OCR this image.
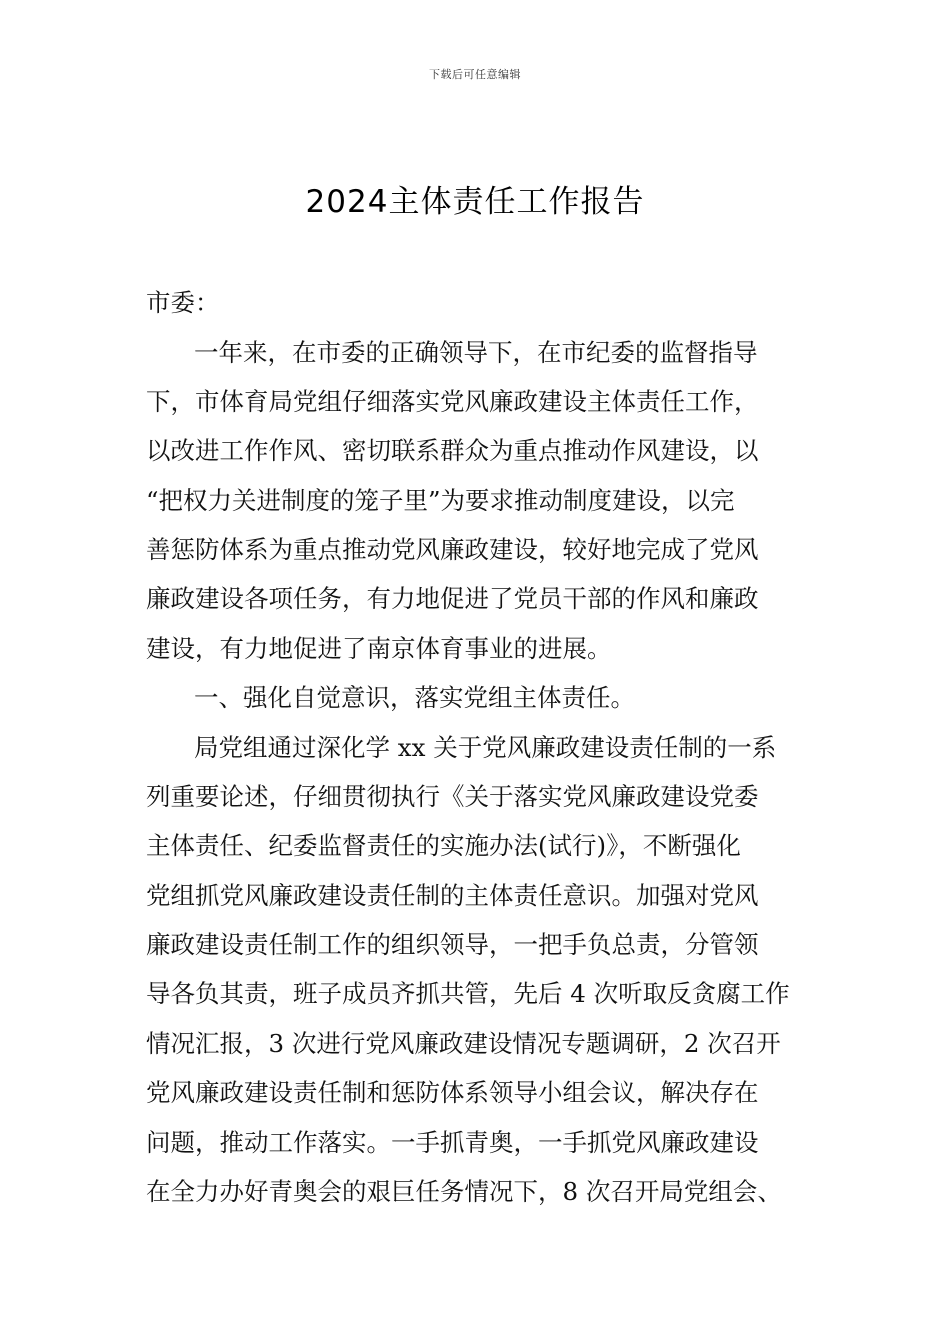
下载后可任意编辑
2024主体责任工作报告
市委：
一年来，在市委的正确领导下，在市纪委的监督指导
下，市体育局党组仔细落实党风廉政建设主体责任工作，
以改进工作作风、密切联系群众为重点推动作风建设，以
“把权力关进制度的笼子里”为要求推动制度建设，以完
善惩防体系为重点推动党风廉政建设，较好地完成了党风
廉政建设各项任务，有力地促进了党员干部的作风和廉政
建设，有力地促进了南京体育事业的进展。
一、强化自觉意识，落实党组主体责任。
局党组通过深化学 xx 关于党风廉政建设责任制的一系
列重要论述，仔细贯彻执行《关于落实党风廉政建设党委
主体责任、纪委监督责任的实施办法(试行)》，不断强化
党组抓党风廉政建设责任制的主体责任意识。加强对党风
廉政建设责任制工作的组织领导，一把手负总责，分管领
导各负其责，班子成员齐抓共管，先后 4 次听取反贪腐工作
情况汇报，3 次进行党风廉政建设情况专题调研，2 次召开
党风廉政建设责任制和惩防体系领导小组会议，解决存在
问题，推动工作落实。一手抓青奥，一手抓党风廉政建设
在全力办好青奥会的艰巨任务情况下，8 次召开局党组会、
